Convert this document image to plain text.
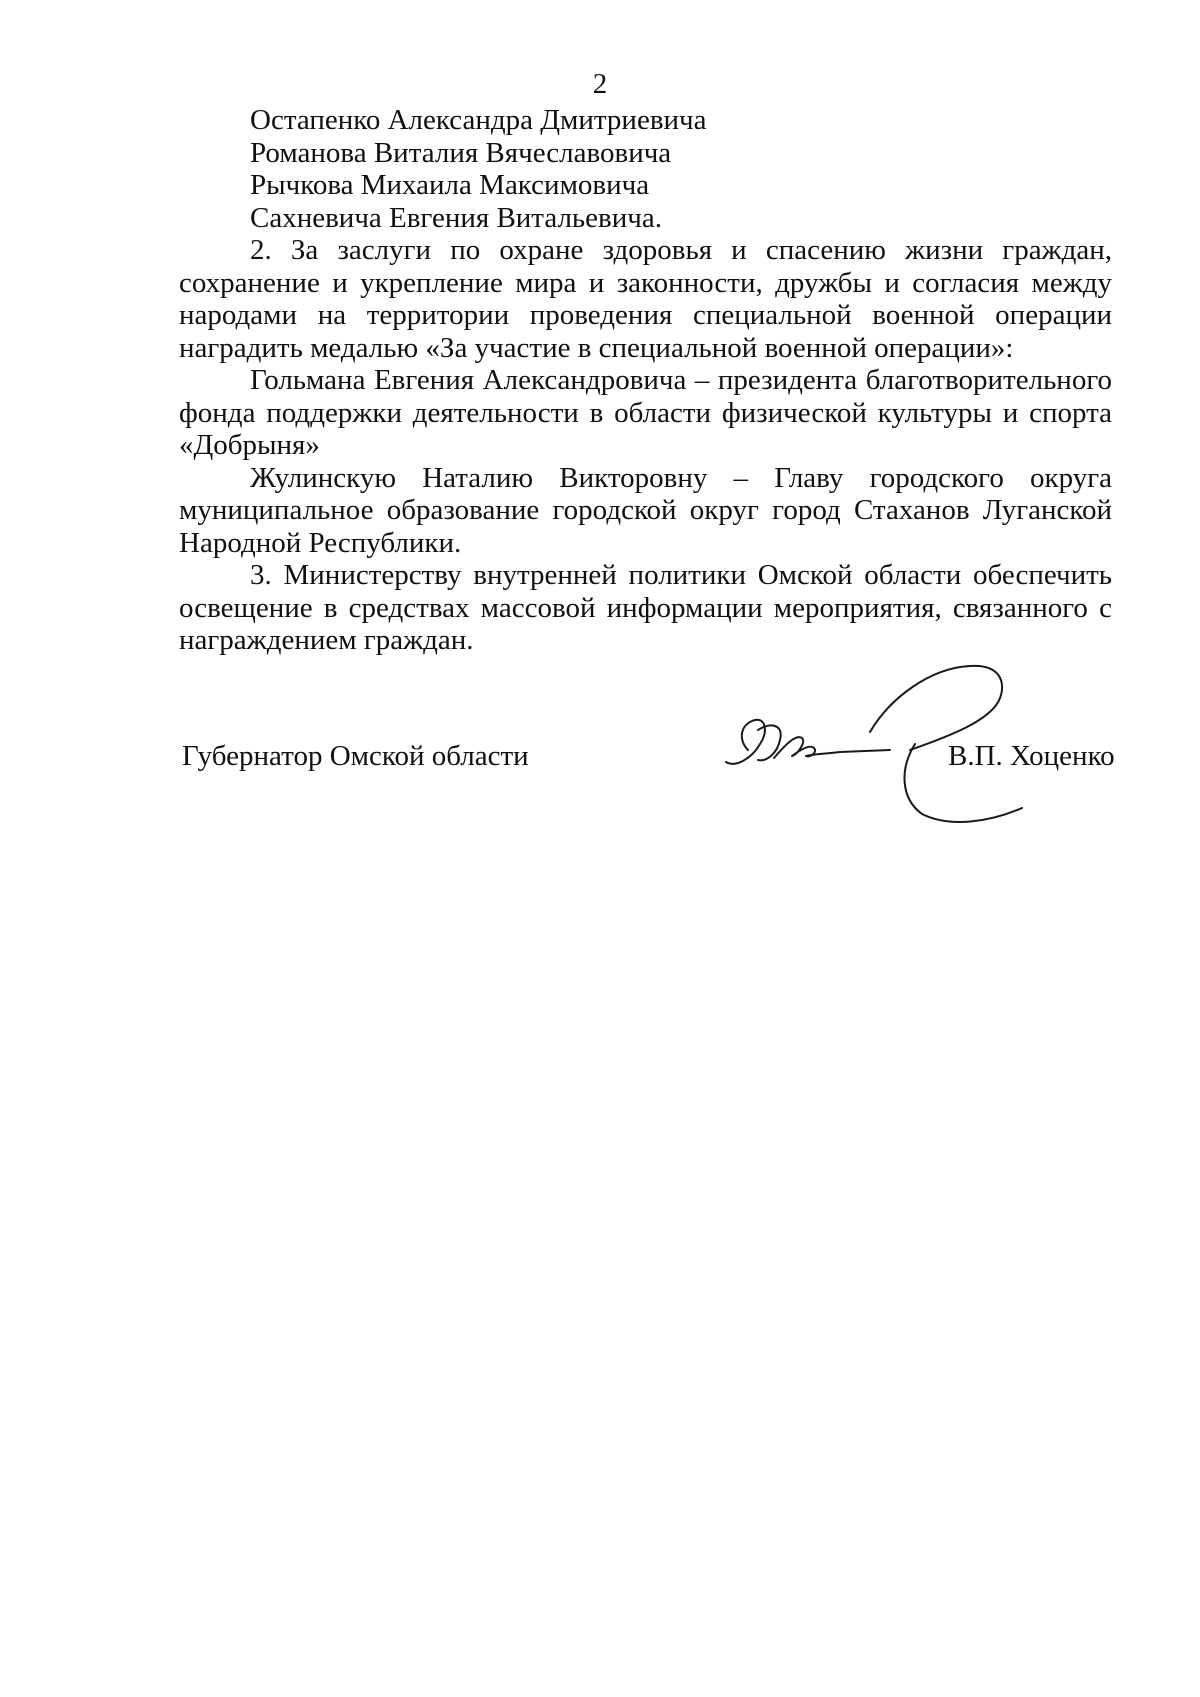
2

Остапенко Александра Дмитриевича

Романова Виталия Вячеславовича

Рычкова Михаила Максимовича

Сахневича Евгения Витальевича.

2. За заслуги по охране здоровья и спасению жизни граждан, сохранение и укрепление мира и законности, дружбы и согласия между народами на территории проведения специальной военной операции наградить медалью «За участие в специальной военной операции»:

Гольмана Евгения Александровича – президента благотворительного фонда поддержки деятельности в области физической культуры и спорта «Добрыня»

Жулинскую Наталию Викторовну – Главу городского округа муниципальное образование городской округ город Стаханов Луганской Народной Республики.

3. Министерству внутренней политики Омской области обеспечить освещение в средствах массовой информации мероприятия, связанного с награждением граждан.

Губернатор Омской области	В.П. Хоценко
